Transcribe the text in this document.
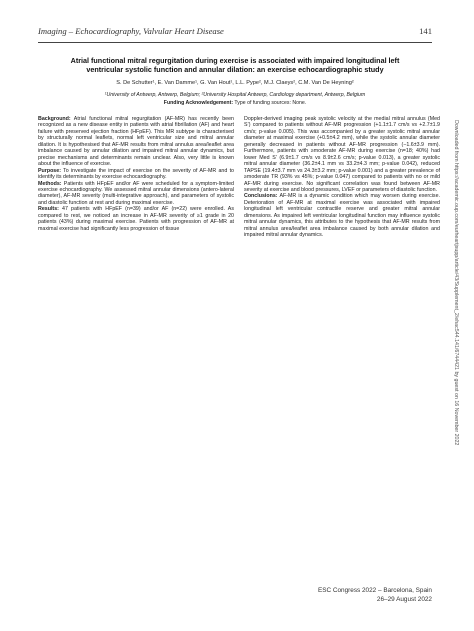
Imaging – Echocardiography, Valvular Heart Disease	141
Atrial functional mitral regurgitation during exercise is associated with impaired longitudinal left ventricular systolic function and annular dilation: an exercise echocardiographic study
S. De Schutter¹, E. Van Damme¹, G. Van Hout¹, L.L. Pype², M.J. Claeys², C.M. Van De Heyning²
¹University of Antwerp, Antwerp, Belgium; ²University Hospital Antwerp, Cardiology department, Antwerp, Belgium
Funding Acknowledgement: Type of funding sources: None.

Background: Atrial functional mitral regurgitation (AF-MR) has recently been recognized as a new disease entity in patients with atrial fibrillation (AF) and heart failure with preserved ejection fraction (HFpEF). This MR subtype is characterised by structurally normal leaflets, normal left ventricular size and mitral annular dilation. It is hypothesised that AF-MR results from mitral annulus area/leaflet area imbalance caused by annular dilation and impaired mitral annular dynamics, but precise mechanisms and determinants remain unclear. Also, very little is known about the influence of exercise.

Purpose: To investigate the impact of exercise on the severity of AF-MR and to identify its determinants by exercise echocardiography.

Methods: Patients with HFpEF and/or AF were scheduled for a symptom-limited exercise echocardiography. We assessed mitral annular dimensions (antero-lateral diameter), AF-MR severity (multi-integrative approach), and parameters of systolic and diastolic function at rest and during maximal exercise.

Results: 47 patients with HFpEF (n=39) and/or AF (n=22) were enrolled. As compared to rest, we noticed an increase in AF-MR severity of ≥1 grade in 20 patients (43%) during maximal exercise. Patients with progression of AF-MR at maximal exercise had significantly less progression of tissue

Doppler-derived imaging peak systolic velocity at the medial mitral annulus (Med S’) compared to patients without AF-MR progression (+1.1±1.7 cm/s vs +2.7±1.9 cm/s; p-value 0.005). This was accompanied by a greater systolic mitral annular diameter at maximal exercise (+0.5±4.2 mm), while the systolic annular diameter generally decreased in patients without AF-MR progression (−1.6±3.9 mm). Furthermore, patients with ≥moderate AF-MR during exercise (n=18; 40%) had lower Med S’ (6.9±1.7 cm/s vs 8.9±2.6 cm/s; p-value 0.013), a greater systolic mitral annular diameter (36.2±4.1 mm vs 33.2±4.3 mm; p-value 0.042), reduced TAPSE (19.4±3.7 mm vs 24.3±3.2 mm; p-value 0.001) and a greater prevalence of ≥moderate TR (93% vs 45%; p-value 0.047) compared to patients with no or mild AF-MR during exercise. No significant correlation was found between AF-MR severity at exercise and blood pressures, LVEF or parameters of diastolic function.

Conclusions: AF-MR is a dynamic condition which may worsen during exercise. Deterioration of AF-MR at maximal exercise was associated with impaired longitudinal left ventricular contractile reserve and greater mitral annular dimensions. As impaired left ventricular longitudinal function may influence systolic mitral annular dynamics, this attributes to the hypothesis that AF-MR results from mitral annulus area/leaflet area imbalance caused by both annular dilation and impaired mitral annular dynamics.	Downloaded from https://academic.oup.com/eurheartjsupp/article/43/Supplement_2/ehac544.141/6744421 by guest on 16 November 2022
ESC Congress 2022 – Barcelona, Spain
26–29 August 2022
